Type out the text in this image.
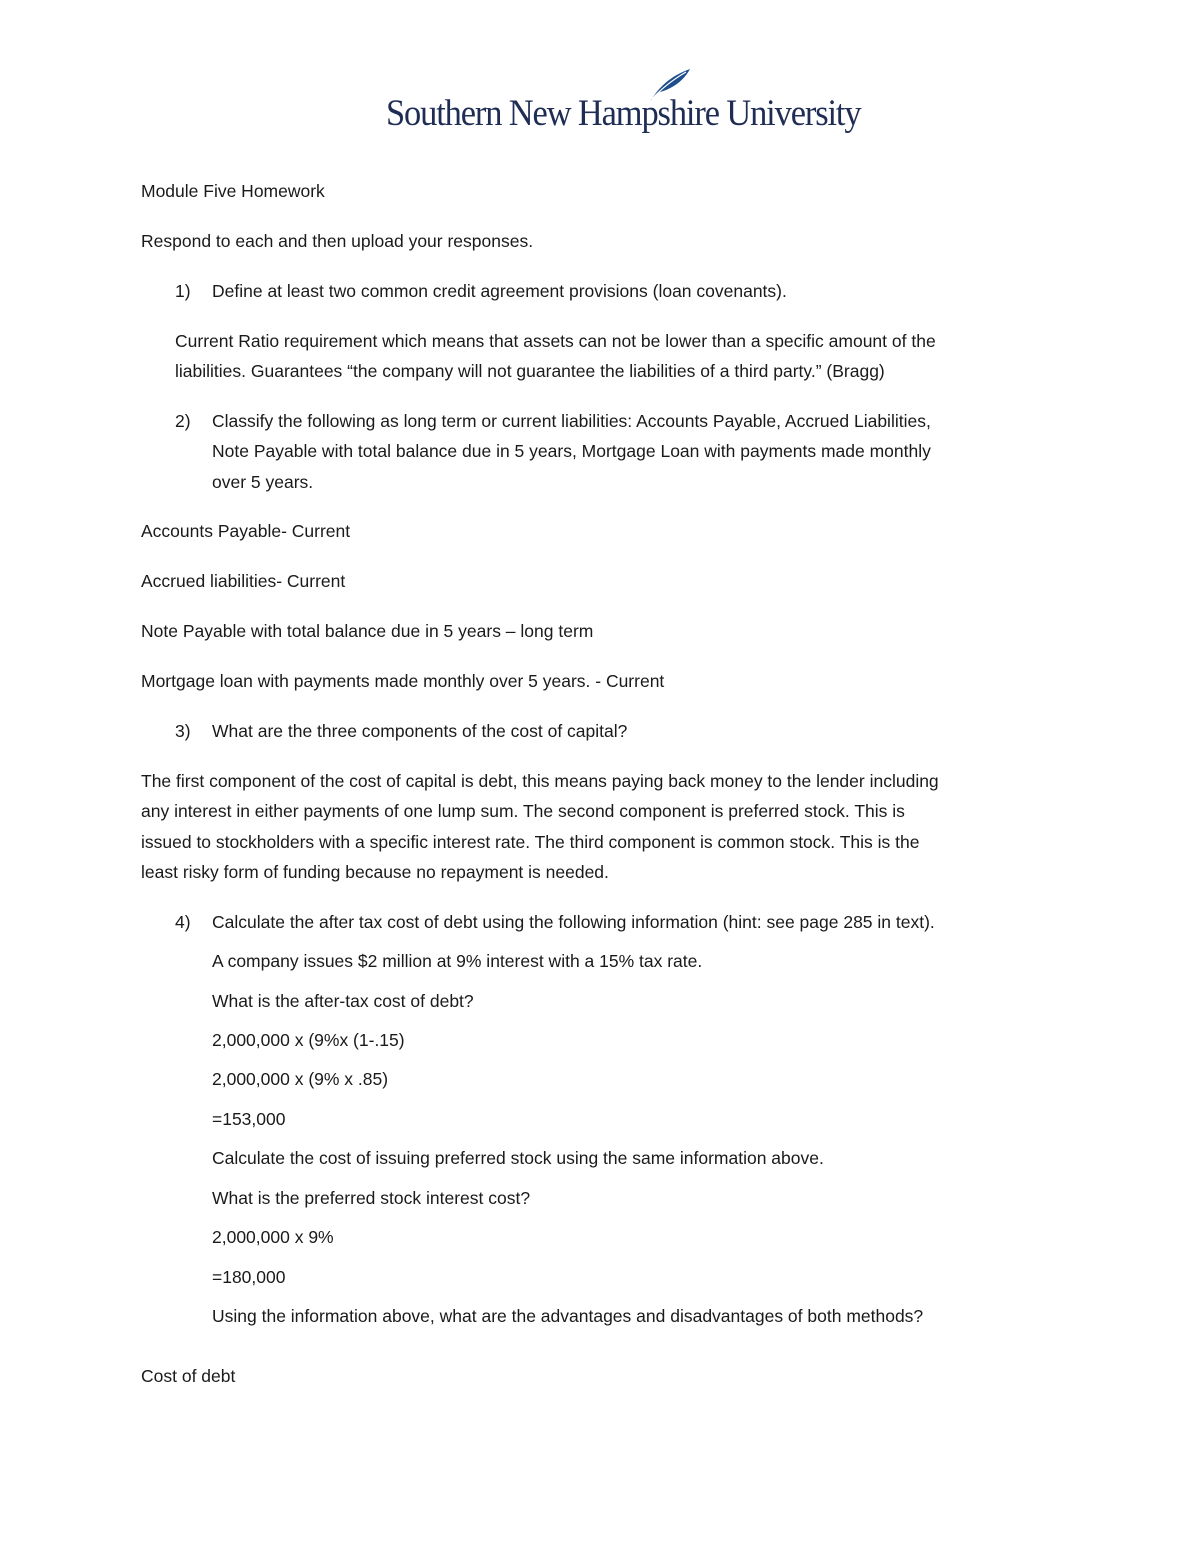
Southern New Hampshire University
Module Five Homework
Respond to each and then upload your responses.
1) Define at least two common credit agreement provisions (loan covenants).
Current Ratio requirement which means that assets can not be lower than a specific amount of the
liabilities. Guarantees “the company will not guarantee the liabilities of a third party.” (Bragg)
2) Classify the following as long term or current liabilities: Accounts Payable, Accrued Liabilities,
Note Payable with total balance due in 5 years, Mortgage Loan with payments made monthly
over 5 years.
Accounts Payable- Current
Accrued liabilities- Current
Note Payable with total balance due in 5 years – long term
Mortgage loan with payments made monthly over 5 years. - Current
3) What are the three components of the cost of capital?
The first component of the cost of capital is debt, this means paying back money to the lender including
any interest in either payments of one lump sum. The second component is preferred stock. This is
issued to stockholders with a specific interest rate. The third component is common stock. This is the
least risky form of funding because no repayment is needed.
4) Calculate the after tax cost of debt using the following information (hint: see page 285 in text).
A company issues $2 million at 9% interest with a 15% tax rate.
What is the after-tax cost of debt?
2,000,000 x (9%x (1-.15)
2,000,000 x (9% x .85)
=153,000
Calculate the cost of issuing preferred stock using the same information above.
What is the preferred stock interest cost?
2,000,000 x 9%
=180,000
Using the information above, what are the advantages and disadvantages of both methods?
Cost of debt
